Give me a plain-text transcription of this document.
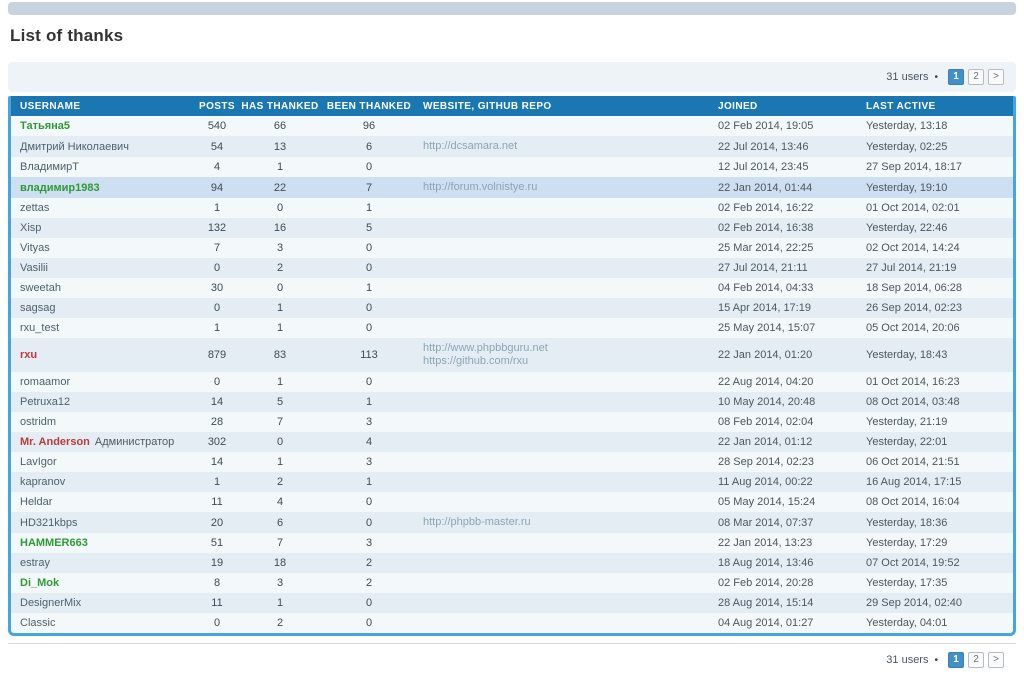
List of thanks
31 users •	1 2 >
USERNAME	POSTS	HAS THANKED	BEEN THANKED	WEBSITE, GITHUB REPO	JOINED	LAST ACTIVE
Татьяна5	540	66	96		02 Feb 2014, 19:05	Yesterday, 13:18
Дмитрий Николаевич	54	13	6	http://dcsamara.net	22 Jul 2014, 13:46	Yesterday, 02:25
ВладимирТ	4	1	0		12 Jul 2014, 23:45	27 Sep 2014, 18:17
владимир1983	94	22	7	http://forum.volnistye.ru	22 Jan 2014, 01:44	Yesterday, 19:10
zettas	1	0	1		02 Feb 2014, 16:22	01 Oct 2014, 02:01
Xisp	132	16	5		02 Feb 2014, 16:38	Yesterday, 22:46
Vityas	7	3	0		25 Mar 2014, 22:25	02 Oct 2014, 14:24
Vasilii	0	2	0		27 Jul 2014, 21:11	27 Jul 2014, 21:19
sweetah	30	0	1		04 Feb 2014, 04:33	18 Sep 2014, 06:28
sagsag	0	1	0		15 Apr 2014, 17:19	26 Sep 2014, 02:23
rxu_test	1	1	0		25 May 2014, 15:07	05 Oct 2014, 20:06
rxu	879	83	113	http://www.phpbbguru.net
https://github.com/rxu	22 Jan 2014, 01:20	Yesterday, 18:43
romaamor	0	1	0		22 Aug 2014, 04:20	01 Oct 2014, 16:23
Petruxa12	14	5	1		10 May 2014, 20:48	08 Oct 2014, 03:48
ostridm	28	7	3		08 Feb 2014, 02:04	Yesterday, 21:19
Mr. Anderson Администратор	302	0	4		22 Jan 2014, 01:12	Yesterday, 22:01
LavIgor	14	1	3		28 Sep 2014, 02:23	06 Oct 2014, 21:51
kapranov	1	2	1		11 Aug 2014, 00:22	16 Aug 2014, 17:15
Heldar	11	4	0		05 May 2014, 15:24	08 Oct 2014, 16:04
HD321kbps	20	6	0	http://phpbb-master.ru	08 Mar 2014, 07:37	Yesterday, 18:36
HAMMER663	51	7	3		22 Jan 2014, 13:23	Yesterday, 17:29
estray	19	18	2		18 Aug 2014, 13:46	07 Oct 2014, 19:52
Di_Mok	8	3	2		02 Feb 2014, 20:28	Yesterday, 17:35
DesignerMix	11	1	0		28 Aug 2014, 15:14	29 Sep 2014, 02:40
Classic	0	2	0		04 Aug 2014, 01:27	Yesterday, 04:01
31 users •	1 2 >
